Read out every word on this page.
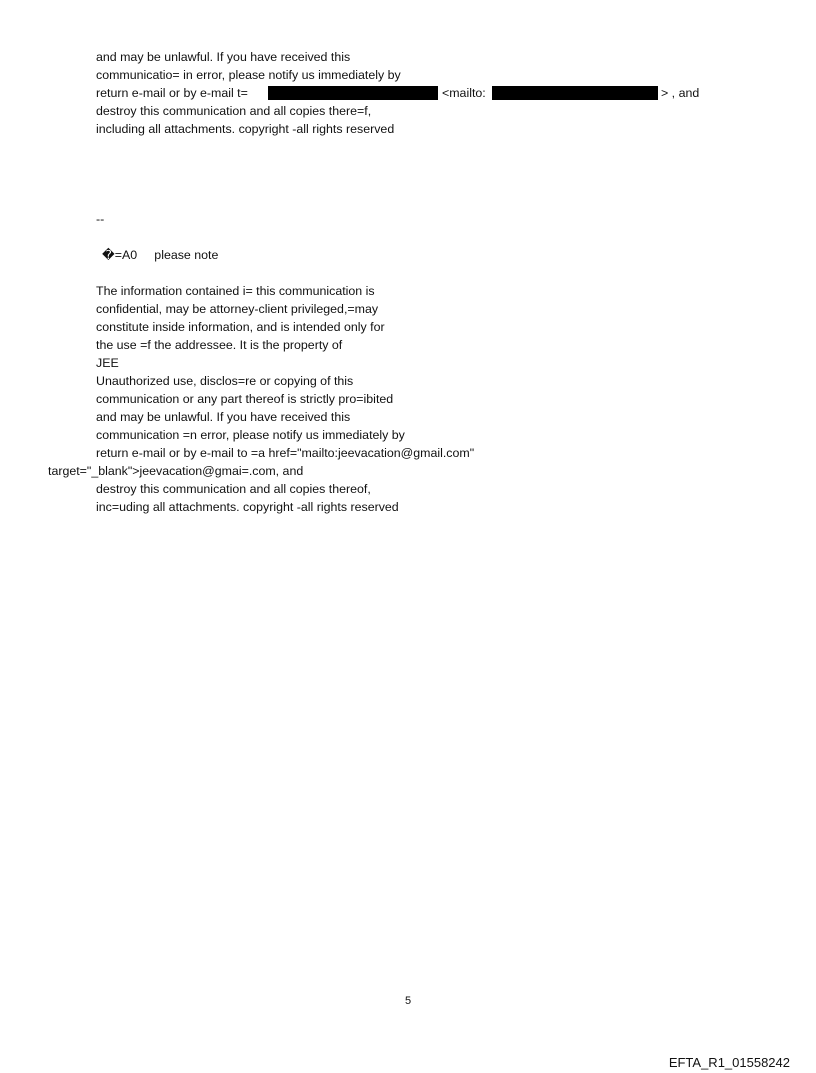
and may be unlawful. If you have received this
communicatio= in error, please notify us immediately by
return e-mail or by e-mail t=	<mailto:	> , and
destroy this communication and all copies there=f,
including all attachments. copyright -all rights reserved
--
�=A0     please note
The information contained i= this communication is
confidential, may be attorney-client privileged,=may
constitute inside information, and is intended only for
the use =f the addressee. It is the property of
JEE
Unauthorized use, disclos=re or copying of this
communication or any part thereof is strictly pro=ibited
and may be unlawful. If you have received this
communication =n error, please notify us immediately by
return e-mail or by e-mail to =a href="mailto:jeevacation@gmail.com"
target="_blank">jeevacation@gmai=.com, and
destroy this communication and all copies thereof,
inc=uding all attachments. copyright -all rights reserved
5
EFTA_R1_01558242
